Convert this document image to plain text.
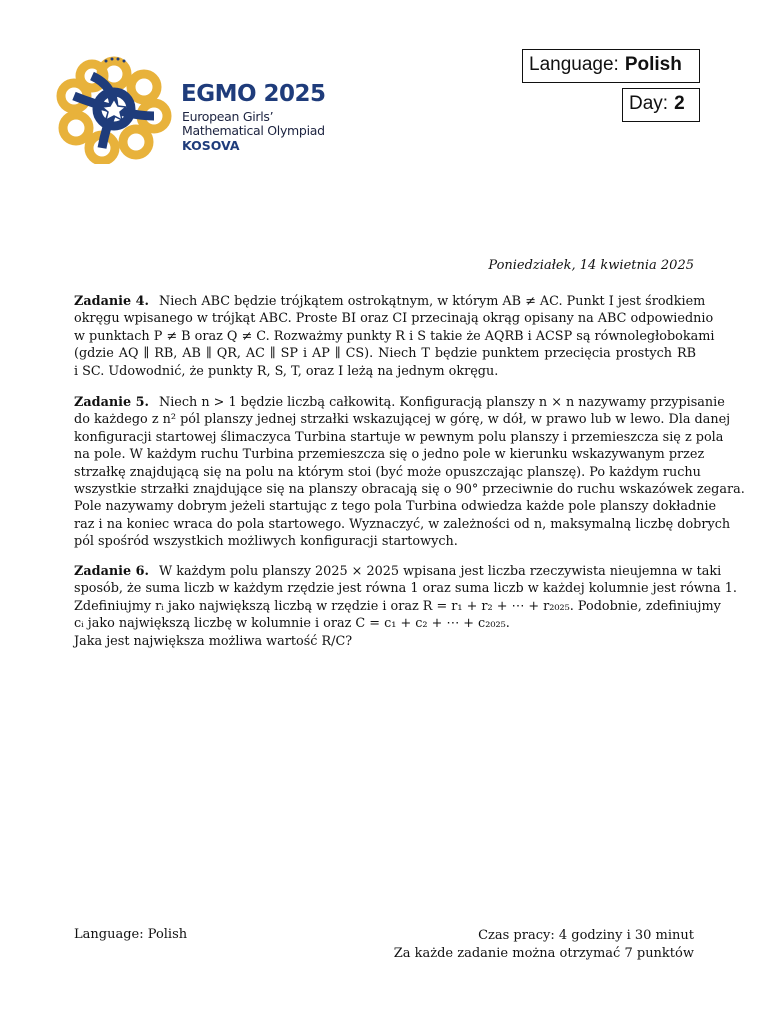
EGMO 2025
European Girls’
Mathematical Olympiad
KOSOVA
Language: Polish
Day: 2
Poniedziałek, 14 kwietnia 2025
Zadanie 4. Niech ABC będzie trójkątem ostrokątnym, w którym AB ≠ AC. Punkt I jest środkiem
okręgu wpisanego w trójkąt ABC. Proste BI oraz CI przecinają okrąg opisany na ABC odpowiednio
w punktach P ≠ B oraz Q ≠ C. Rozważmy punkty R i S takie że AQRB i ACSP są równoległobokami
(gdzie AQ ∥ RB, AB ∥ QR, AC ∥ SP i AP ∥ CS). Niech T będzie punktem przecięcia prostych RB
i SC. Udowodnić, że punkty R, S, T, oraz I leżą na jednym okręgu.
Zadanie 5. Niech n > 1 będzie liczbą całkowitą. Konfiguracją planszy n × n nazywamy przypisanie
do każdego z n² pól planszy jednej strzałki wskazującej w górę, w dół, w prawo lub w lewo. Dla danej
konfiguracji startowej ślimaczyca Turbina startuje w pewnym polu planszy i przemieszcza się z pola
na pole. W każdym ruchu Turbina przemieszcza się o jedno pole w kierunku wskazywanym przez
strzałkę znajdującą się na polu na którym stoi (być może opuszczając planszę). Po każdym ruchu
wszystkie strzałki znajdujące się na planszy obracają się o 90° przeciwnie do ruchu wskazówek zegara.
Pole nazywamy dobrym jeżeli startując z tego pola Turbina odwiedza każde pole planszy dokładnie
raz i na koniec wraca do pola startowego. Wyznaczyć, w zależności od n, maksymalną liczbę dobrych
pól spośród wszystkich możliwych konfiguracji startowych.
Zadanie 6. W każdym polu planszy 2025 × 2025 wpisana jest liczba rzeczywista nieujemna w taki
sposób, że suma liczb w każdym rzędzie jest równa 1 oraz suma liczb w każdej kolumnie jest równa 1.
Zdefiniujmy rᵢ jako największą liczbą w rzędzie i oraz R = r₁ + r₂ + ⋯ + r₂₀₂₅. Podobnie, zdefiniujmy
cᵢ jako największą liczbę w kolumnie i oraz C = c₁ + c₂ + ⋯ + c₂₀₂₅.
Jaka jest największa możliwa wartość R/C?
Language: Polish	Czas pracy: 4 godziny i 30 minut
Za każde zadanie można otrzymać 7 punktów
